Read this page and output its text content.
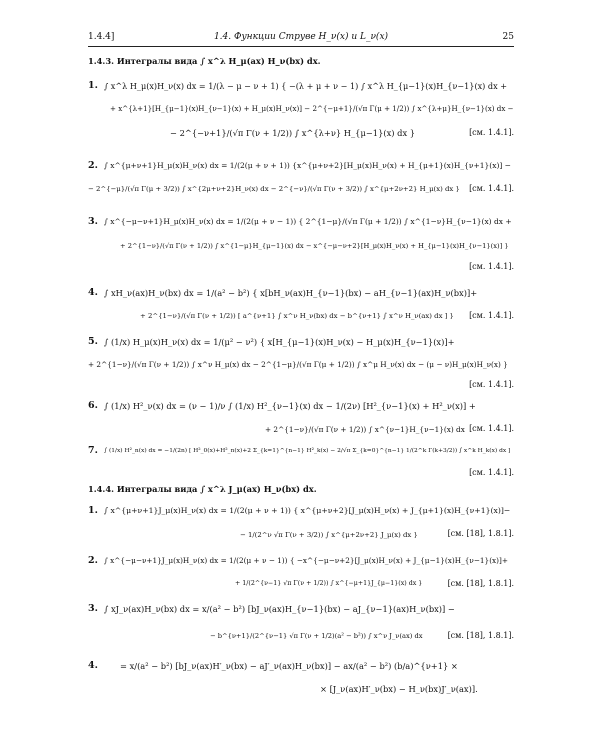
1.4.4]	1.4. Функции Струве H_ν(x) и L_ν(x)	25
1.4.3. Интегралы вида ∫ x^λ H_μ(ax) H_ν(bx) dx.
1. ∫ x^λ H_μ(x)H_ν(x) dx = 1/(λ − μ − ν + 1) { −(λ + μ + ν − 1) ∫ x^λ H_{μ−1}(x)H_{ν−1}(x) dx +
+ x^{λ+1}[H_{μ−1}(x)H_{ν−1}(x) + H_μ(x)H_ν(x)] − 2^{−μ+1}/(√π Γ(μ + 1/2)) ∫ x^{λ+μ}H_{ν−1}(x) dx −
− 2^{−ν+1}/(√π Γ(ν + 1/2)) ∫ x^{λ+ν} H_{μ−1}(x) dx }	[см. 1.4.1].
2. ∫ x^{μ+ν+1}H_μ(x)H_ν(x) dx = 1/(2(μ + ν + 1)) {x^{μ+ν+2}[H_μ(x)H_ν(x) + H_{μ+1}(x)H_{ν+1}(x)] −
− 2^{−μ}/(√π Γ(μ + 3/2)) ∫ x^{2μ+ν+2}H_ν(x) dx − 2^{−ν}/(√π Γ(ν + 3/2)) ∫ x^{μ+2ν+2} H_μ(x) dx } [см. 1.4.1].
3. ∫ x^{−μ−ν+1}H_μ(x)H_ν(x) dx = 1/(2(μ + ν − 1)) { 2^{1−μ}/(√π Γ(μ + 1/2)) ∫ x^{1−ν}H_{ν−1}(x) dx +
+ 2^{1−ν}/(√π Γ(ν + 1/2)) ∫ x^{1−μ}H_{μ−1}(x) dx − x^{−μ−ν+2}[H_μ(x)H_ν(x) + H_{μ−1}(x)H_{ν−1}(x)] }
[см. 1.4.1].
4. ∫ xH_ν(ax)H_ν(bx) dx = 1/(a² − b²) { x[bH_ν(ax)H_{ν−1}(bx) − aH_{ν−1}(ax)H_ν(bx)]+
+ 2^{1−ν}/(√π Γ(ν + 1/2)) [ a^{ν+1} ∫ x^ν H_ν(bx) dx − b^{ν+1} ∫ x^ν H_ν(ax) dx ] }	[см. 1.4.1].
5. ∫ (1/x) H_μ(x)H_ν(x) dx = 1/(μ² − ν²) { x[H_{μ−1}(x)H_ν(x) − H_μ(x)H_{ν−1}(x)]+
+ 2^{1−ν}/(√π Γ(ν + 1/2)) ∫ x^ν H_μ(x) dx − 2^{1−μ}/(√π Γ(μ + 1/2)) ∫ x^μ H_ν(x) dx − (μ − ν)H_μ(x)H_ν(x) }
[см. 1.4.1].
6. ∫ (1/x) H²_ν(x) dx = (ν − 1)/ν ∫ (1/x) H²_{ν−1}(x) dx − 1/(2ν) [H²_{ν−1}(x) + H²_ν(x)] +
+ 2^{1−ν}/(√π Γ(ν + 1/2)) ∫ x^{ν−1}H_{ν−1}(x) dx [см. 1.4.1].
7.	∫ (1/x) H²_n(x) dx = −1/(2n) [ H²_0(x)+H²_n(x)+2 Σ_{k=1}^{n−1} H²_k(x) − 2/√π Σ_{k=0}^{n−1} 1/(2^k Γ(k+3/2)) ∫ x^k H_k(x) dx ]
[см. 1.4.1].
1.4.4. Интегралы вида ∫ x^λ J_μ(ax) H_ν(bx) dx.
1. ∫ x^{μ+ν+1}J_μ(x)H_ν(x) dx = 1/(2(μ + ν + 1)) { x^{μ+ν+2}[J_μ(x)H_ν(x) + J_{μ+1}(x)H_{ν+1}(x)]−
− 1/(2^ν √π Γ(ν + 3/2)) ∫ x^{μ+2ν+2} J_μ(x) dx }	[см. [18], 1.8.1].
2. ∫ x^{−μ−ν+1}J_μ(x)H_ν(x) dx = 1/(2(μ + ν − 1)) { −x^{−μ−ν+2}[J_μ(x)H_ν(x) + J_{μ−1}(x)H_{ν−1}(x)]+
+ 1/(2^{ν−1} √π Γ(ν + 1/2)) ∫ x^{−μ+1}J_{μ−1}(x) dx }	[см. [18], 1.8.1].
3. ∫ xJ_ν(ax)H_ν(bx) dx = x/(a² − b²) [bJ_ν(ax)H_{ν−1}(bx) − aJ_{ν−1}(ax)H_ν(bx)] −
− b^{ν+1}/(2^{ν−1} √π Γ(ν + 1/2)(a² − b²)) ∫ x^ν J_ν(ax) dx	[см. [18], 1.8.1].
4.	= x/(a² − b²) [bJ_ν(ax)H′_ν(bx) − aJ′_ν(ax)H_ν(bx)] − ax/(a² − b²) (b/a)^{ν+1} ×
× [J_ν(ax)H′_ν(bx) − H_ν(bx)J′_ν(ax)].
